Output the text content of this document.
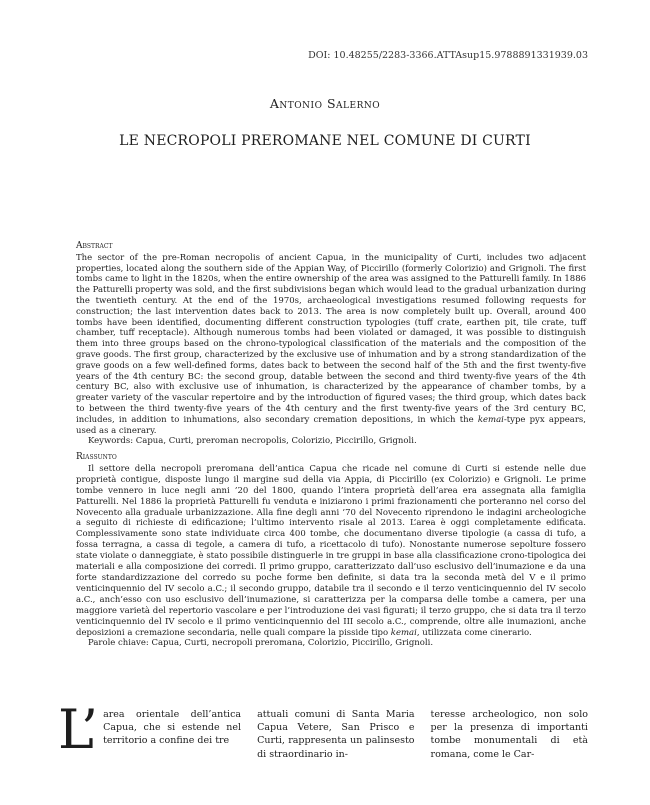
DOI: 10.48255/2283-3366.ATTAsup15.9788891331939.03
Antonio Salerno
LE NECROPOLI PREROMANE NEL COMUNE DI CURTI
Abstract

The sector of the pre-Roman necropolis of ancient Capua, in the municipality of Curti, includes two adjacent properties, located along the southern side of the Appian Way, of Piccirillo (formerly Colorizio) and Grignoli. The first tombs came to light in the 1820s, when the entire ownership of the area was assigned to the Patturelli family. In 1886 the Patturelli property was sold, and the first subdivisions began which would lead to the gradual urbanization during the twentieth century. At the end of the 1970s, archaeological investigations resumed following requests for construction; the last intervention dates back to 2013. The area is now completely built up. Overall, around 400 tombs have been identified, documenting different construction typologies (tuff crate, earthen pit, tile crate, tuff chamber, tuff receptacle). Although numerous tombs had been violated or damaged, it was possible to distinguish them into three groups based on the chrono-typological classification of the materials and the composition of the grave goods. The first group, characterized by the exclusive use of inhumation and by a strong standardization of the grave goods on a few well-defined forms, dates back to between the second half of the 5th and the first twenty-five years of the 4th century BC: the second group, datable between the second and third twenty-five years of the 4th century BC, also with exclusive use of inhumation, is characterized by the appearance of chamber tombs, by a greater variety of the vascular repertoire and by the introduction of figured vases; the third group, which dates back to between the third twenty-five years of the 4th century and the first twenty-five years of the 3rd century BC, includes, in addition to inhumations, also secondary cremation depositions, in which the kemai-type pyx appears, used as a cinerary.

Keywords: Capua, Curti, preroman necropolis, Colorizio, Piccirillo, Grignoli.

Riassunto

Il settore della necropoli preromana dell’antica Capua che ricade nel comune di Curti si estende nelle due proprietà contigue, disposte lungo il margine sud della via Appia, di Piccirillo (ex Colorizio) e Grignoli. Le prime tombe vennero in luce negli anni ’20 del 1800, quando l’intera proprietà dell’area era assegnata alla famiglia Patturelli. Nel 1886 la proprietà Patturelli fu venduta e iniziarono i primi frazionamenti che porteranno nel corso del Novecento alla graduale urbanizzazione. Alla fine degli anni ’70 del Novecento riprendono le indagini archeologiche a seguito di richieste di edificazione; l’ultimo intervento risale al 2013. L’area è oggi completamente edificata. Complessivamente sono state individuate circa 400 tombe, che documentano diverse tipologie (a cassa di tufo, a fossa terragna, a cassa di tegole, a camera di tufo, a ricettacolo di tufo). Nonostante numerose sepolture fossero state violate o danneggiate, è stato possibile distinguerle in tre gruppi in base alla classificazione crono-tipologica dei materiali e alla composizione dei corredi. Il primo gruppo, caratterizzato dall’uso esclusivo dell’inumazione e da una forte standardizzazione del corredo su poche forme ben definite, si data tra la seconda metà del V e il primo venticinquennio del IV secolo a.C.; il secondo gruppo, databile tra il secondo e il terzo venticinquennio del IV secolo a.C., anch’esso con uso esclusivo dell’inumazione, si caratterizza per la comparsa delle tombe a camera, per una maggiore varietà del repertorio vascolare e per l’introduzione dei vasi figurati; il terzo gruppo, che si data tra il terzo venticinquennio del IV secolo e il primo venticinquennio del III secolo a.C., comprende, oltre alle inumazioni, anche deposizioni a cremazione secondaria, nelle quali compare la pisside tipo kemai, utilizzata come cinerario.

Parole chiave: Capua, Curti, necropoli preromana, Colorizio, Piccirillo, Grignoli.

L’ area orientale dell’antica Capua, che si estende nel territorio a confine dei tre
attuali comuni di Santa Maria Capua Vetere, San Prisco e Curti, rappresenta un palinsesto di straordinario in-
teresse archeologico, non solo per la presenza di importanti tombe monumentali di età romana, come le Car-
